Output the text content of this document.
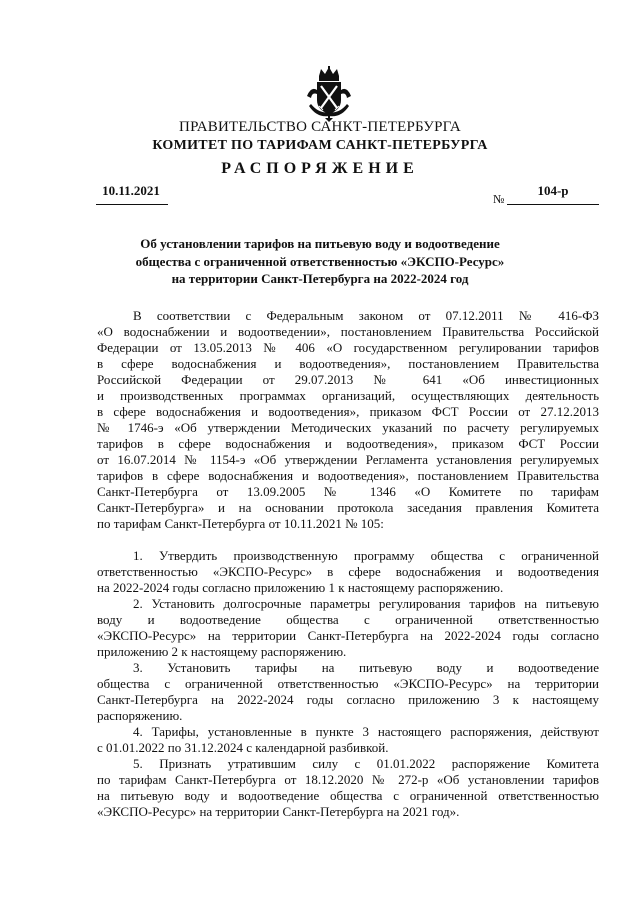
ПРАВИТЕЛЬСТВО САНКТ-ПЕТЕРБУРГА
КОМИТЕТ ПО ТАРИФАМ САНКТ-ПЕТЕРБУРГА
РАСПОРЯЖЕНИЕ
10.11.2021
№
104-р
Об установлении тарифов на питьевую воду и водоотведение
общества с ограниченной ответственностью «ЭКСПО-Ресурс»
на территории Санкт-Петербурга на 2022-2024 год
В соответствии с Федеральным законом от 07.12.2011 № 416-ФЗ
«О водоснабжении и водоотведении», постановлением Правительства Российской
Федерации от 13.05.2013 № 406 «О государственном регулировании тарифов
в сфере водоснабжения и водоотведения», постановлением Правительства
Российской Федерации от 29.07.2013 № 641 «Об инвестиционных
и производственных программах организаций, осуществляющих деятельность
в сфере водоснабжения и водоотведения», приказом ФСТ России от 27.12.2013
№ 1746-э «Об утверждении Методических указаний по расчету регулируемых
тарифов в сфере водоснабжения и водоотведения», приказом ФСТ России
от 16.07.2014 № 1154-э «Об утверждении Регламента установления регулируемых
тарифов в сфере водоснабжения и водоотведения», постановлением Правительства
Санкт-Петербурга от 13.09.2005 № 1346 «О Комитете по тарифам
Санкт-Петербурга» и на основании протокола заседания правления Комитета
по тарифам Санкт-Петербурга от 10.11.2021 № 105:
1. Утвердить производственную программу общества с ограниченной
ответственностью «ЭКСПО-Ресурс» в сфере водоснабжения и водоотведения
на 2022-2024 годы согласно приложению 1 к настоящему распоряжению.
2. Установить долгосрочные параметры регулирования тарифов на питьевую
воду и водоотведение общества с ограниченной ответственностью
«ЭКСПО-Ресурс» на территории Санкт-Петербурга на 2022-2024 годы согласно
приложению 2 к настоящему распоряжению.
3. Установить тарифы на питьевую воду и водоотведение
общества с ограниченной ответственностью «ЭКСПО-Ресурс» на территории
Санкт-Петербурга на 2022-2024 годы согласно приложению 3 к настоящему
распоряжению.
4. Тарифы, установленные в пункте 3 настоящего распоряжения, действуют
с 01.01.2022 по 31.12.2024 с календарной разбивкой.
5. Признать утратившим силу с 01.01.2022 распоряжение Комитета
по тарифам Санкт-Петербурга от 18.12.2020 № 272-р «Об установлении тарифов
на питьевую воду и водоотведение общества с ограниченной ответственностью
«ЭКСПО-Ресурс» на территории Санкт-Петербурга на 2021 год».
